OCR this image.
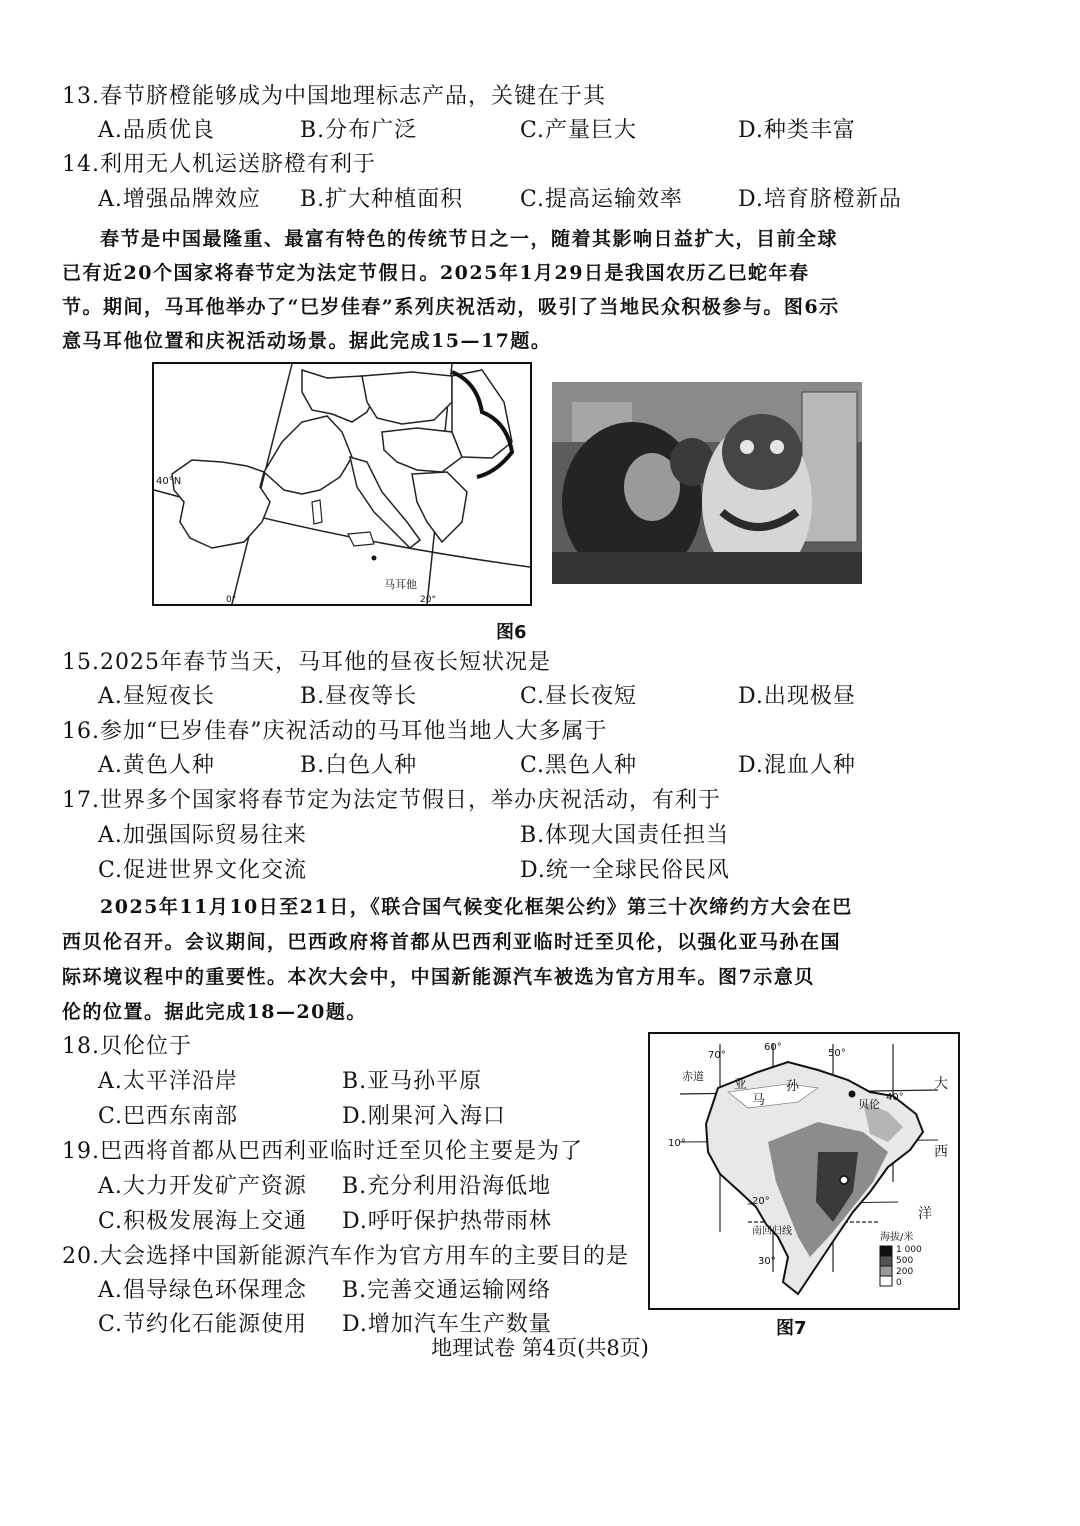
13.春节脐橙能够成为中国地理标志产品，关键在于其
A.品质优良	B.分布广泛	C.产量巨大	D.种类丰富
14.利用无人机运送脐橙有利于
A.增强品牌效应 B.扩大种植面积	C.提高运输效率 D.培育脐橙新品
春节是中国最隆重、最富有特色的传统节日之一，随着其影响日益扩大，目前全球
已有近20个国家将春节定为法定节假日。2025年1月29日是我国农历乙巳蛇年春
节。期间，马耳他举办了“巳岁佳春”系列庆祝活动，吸引了当地民众积极参与。图6示
意马耳他位置和庆祝活动场景。据此完成15—17题。
40°N
马耳他
20°
0°
图6
15.2025年春节当天，马耳他的昼夜长短状况是
A.昼短夜长	B.昼夜等长	C.昼长夜短	D.出现极昼
16.参加“巳岁佳春”庆祝活动的马耳他当地人大多属于
A.黄色人种	B.白色人种	C.黑色人种	D.混血人种
17.世界多个国家将春节定为法定节假日，举办庆祝活动，有利于
A.加强国际贸易往来	B.体现大国责任担当
C.促进世界文化交流	D.统一全球民俗民风
2025年11月10日至21日，《联合国气候变化框架公约》第三十次缔约方大会在巴
西贝伦召开。会议期间，巴西政府将首都从巴西利亚临时迁至贝伦，以强化亚马孙在国
际环境议程中的重要性。本次大会中，中国新能源汽车被选为官方用车。图7示意贝
伦的位置。据此完成18—20题。
18.贝伦位于
A.太平洋沿岸	B.亚马孙平原
C.巴西东南部	D.刚果河入海口
19.巴西将首都从巴西利亚临时迁至贝伦主要是为了
A.大力开发矿产资源 B.充分利用沿海低地
C.积极发展海上交通 D.呼吁保护热带雨林
20.大会选择中国新能源汽车作为官方用车的主要目的是
A.倡导绿色环保理念 B.完善交通运输网络
C.节约化石能源使用 D.增加汽车生产数量
70°
60°
50°
40°
10°
20°
30°
赤道
亚
马
孙
贝伦
大
西
洋
南回归线
海拔/米
1 000
500
200
0
图7
地理试卷 第4页(共8页)
